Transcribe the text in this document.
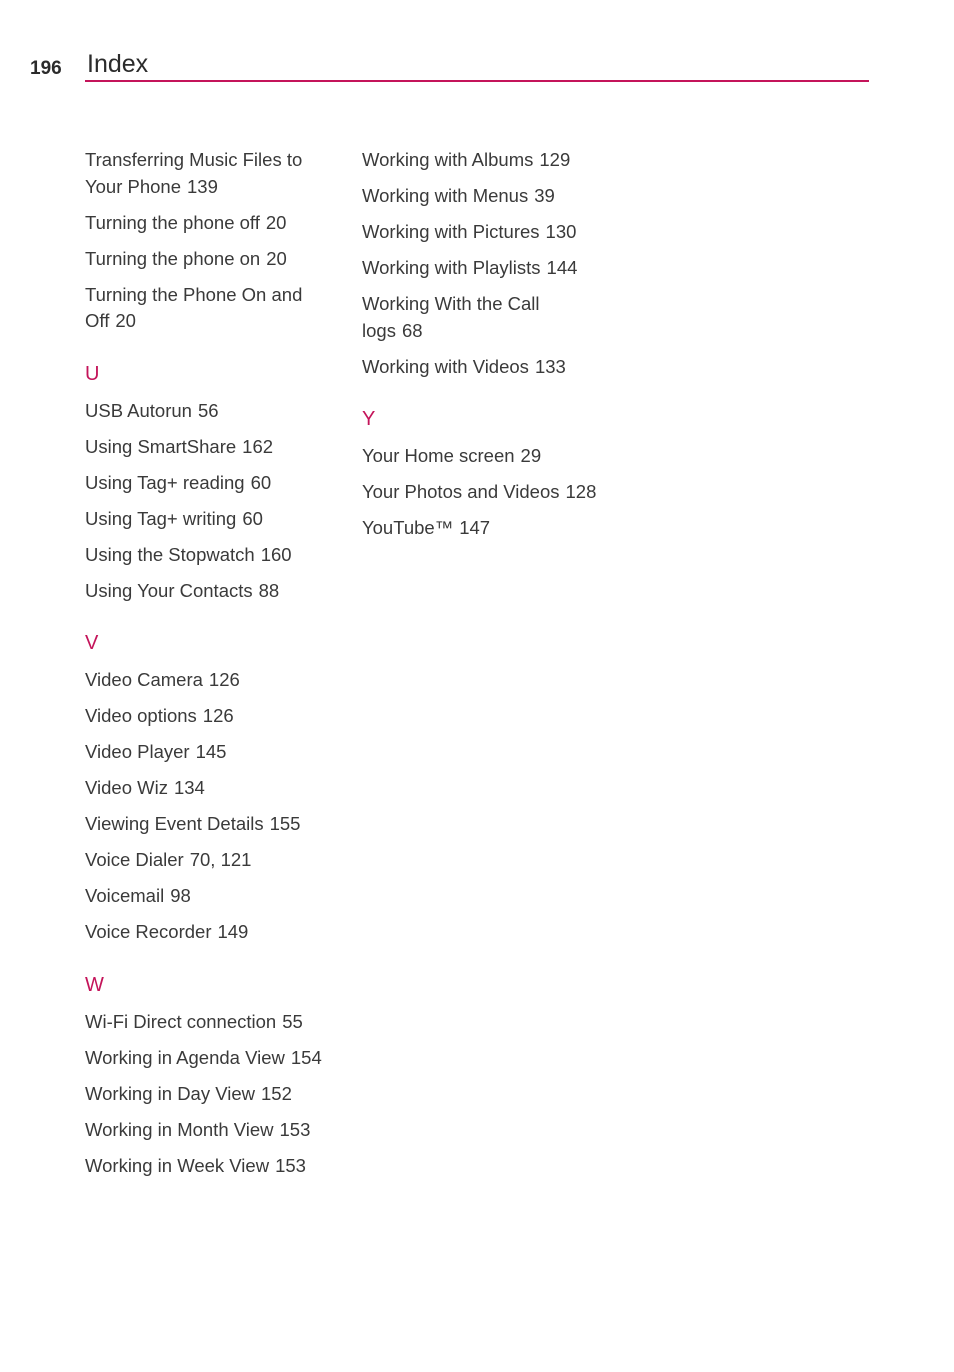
196 Index
Transferring Music Files to Your Phone 139
Turning the phone off 20
Turning the phone on 20
Turning the Phone On and Off 20
U
USB Autorun 56
Using SmartShare 162
Using Tag+ reading 60
Using Tag+ writing 60
Using the Stopwatch 160
Using Your Contacts 88
V
Video Camera 126
Video options 126
Video Player 145
Video Wiz 134
Viewing Event Details 155
Voice Dialer 70, 121
Voicemail 98
Voice Recorder 149
W
Wi-Fi Direct connection 55
Working in Agenda View 154
Working in Day View 152
Working in Month View 153
Working in Week View 153
Working with Albums 129
Working with Menus 39
Working with Pictures 130
Working with Playlists 144
Working With the Call logs 68
Working with Videos 133
Y
Your Home screen 29
Your Photos and Videos 128
YouTube™ 147
